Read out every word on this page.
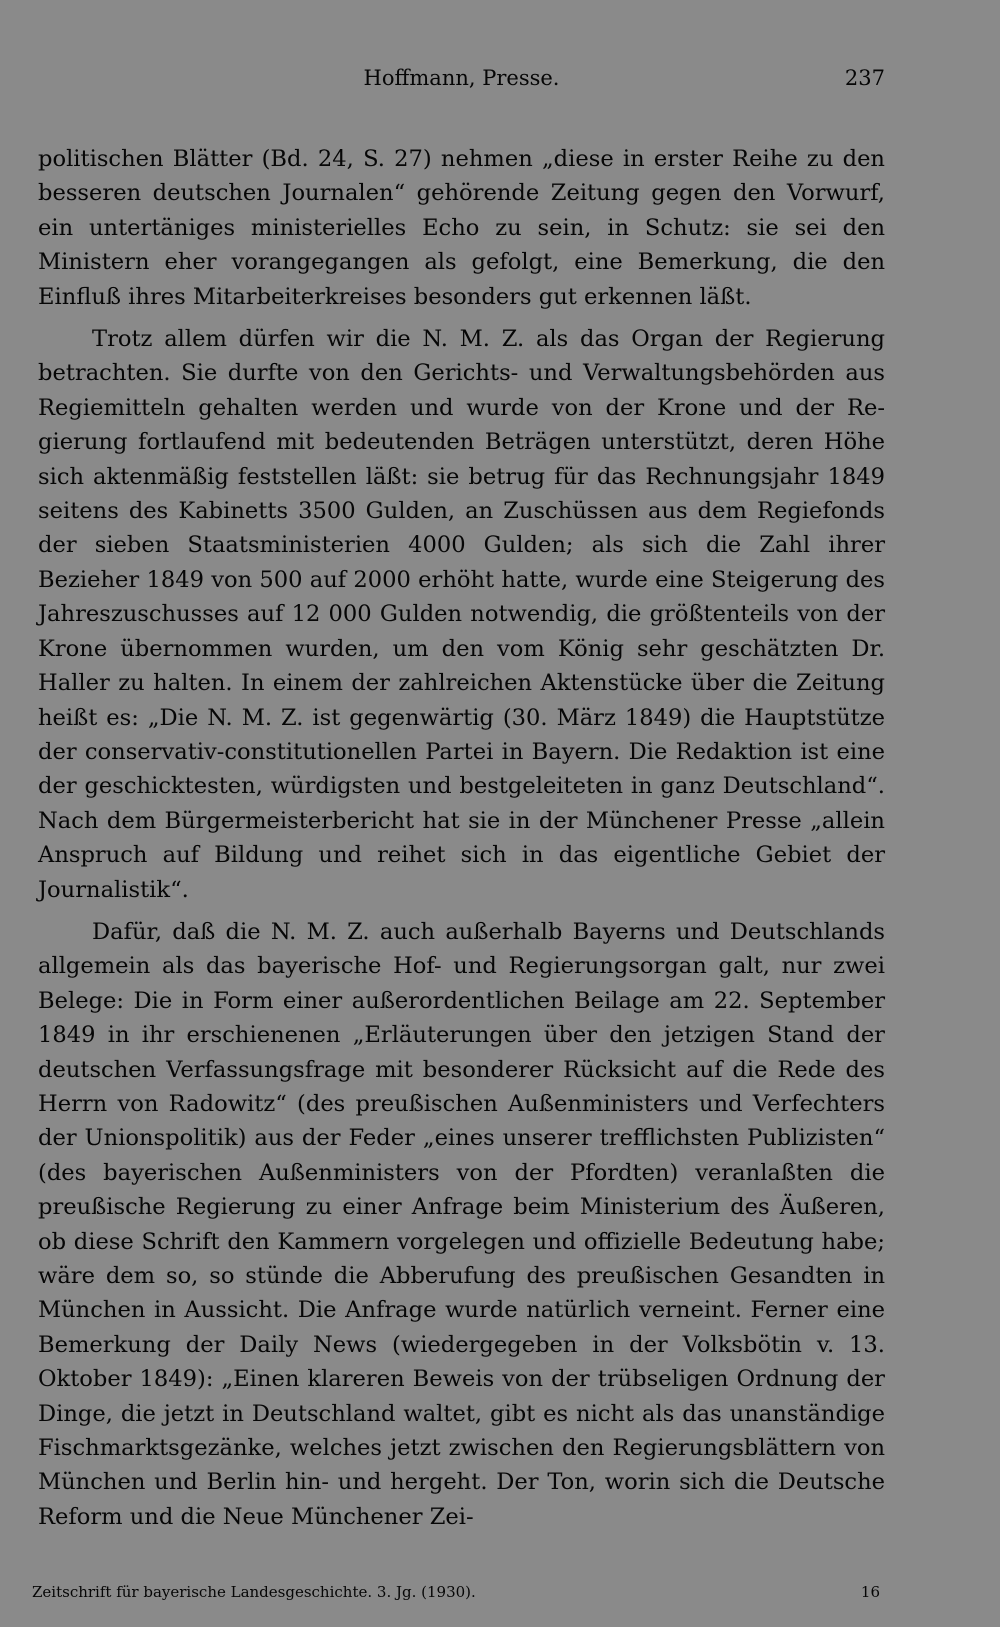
Hoffmann, Presse.	237

politischen Blätter (Bd. 24, S. 27) nehmen „diese in erster Reihe zu den besseren deutschen Journalen“ gehörende Zeitung gegen den Vorwurf, ein untertäniges ministerielles Echo zu sein, in Schutz: sie sei den Ministern eher vorangegangen als gefolgt, eine Bemerkung, die den Einfluß ihres Mitarbeiterkreises besonders gut erkennen läßt.

Trotz allem dürfen wir die N. M. Z. als das Organ der Regierung betrachten. Sie durfte von den Gerichts- und Verwaltungsbehörden aus Regiemitteln gehalten werden und wurde von der Krone und der Regierung fortlaufend mit bedeutenden Beträgen unterstützt, deren Höhe sich aktenmäßig feststellen läßt: sie betrug für das Rechnungsjahr 1849 seitens des Kabinetts 3500 Gulden, an Zuschüssen aus dem Regiefonds der sieben Staatsministerien 4000 Gulden; als sich die Zahl ihrer Bezieher 1849 von 500 auf 2000 erhöht hatte, wurde eine Steigerung des Jahreszuschusses auf 12 000 Gulden notwendig, die größtenteils von der Krone übernommen wurden, um den vom König sehr geschätzten Dr. Haller zu halten. In einem der zahlreichen Aktenstücke über die Zeitung heißt es: „Die N. M. Z. ist gegenwärtig (30. März 1849) die Hauptstütze der conservativ-constitutionellen Partei in Bayern. Die Redaktion ist eine der geschicktesten, würdigsten und bestgeleiteten in ganz Deutschland“. Nach dem Bürgermeisterbericht hat sie in der Münchener Presse „allein Anspruch auf Bildung und reihet sich in das eigentliche Gebiet der Journalistik“.

Dafür, daß die N. M. Z. auch außerhalb Bayerns und Deutschlands allgemein als das bayerische Hof- und Regierungsorgan galt, nur zwei Belege: Die in Form einer außerordentlichen Beilage am 22. September 1849 in ihr erschienenen „Erläuterungen über den jetzigen Stand der deutschen Verfassungsfrage mit besonderer Rücksicht auf die Rede des Herrn von Radowitz“ (des preußischen Außenministers und Verfechters der Unionspolitik) aus der Feder „eines unserer trefflichsten Publizisten“ (des bayerischen Außenministers von der Pfordten) veranlaßten die preußische Regierung zu einer Anfrage beim Ministerium des Äußeren, ob diese Schrift den Kammern vorgelegen und offizielle Bedeutung habe; wäre dem so, so stünde die Abberufung des preußischen Gesandten in München in Aussicht. Die Anfrage wurde natürlich verneint. Ferner eine Bemerkung der Daily News (wiedergegeben in der Volksbötin v. 13. Oktober 1849): „Einen klareren Beweis von der trübseligen Ordnung der Dinge, die jetzt in Deutschland waltet, gibt es nicht als das unanständige Fischmarktsgezänke, welches jetzt zwischen den Regierungsblättern von München und Berlin hin- und hergeht. Der Ton, worin sich die Deutsche Reform und die Neue Münchener Zei-

Zeitschrift für bayerische Landesgeschichte. 3. Jg. (1930).	16
